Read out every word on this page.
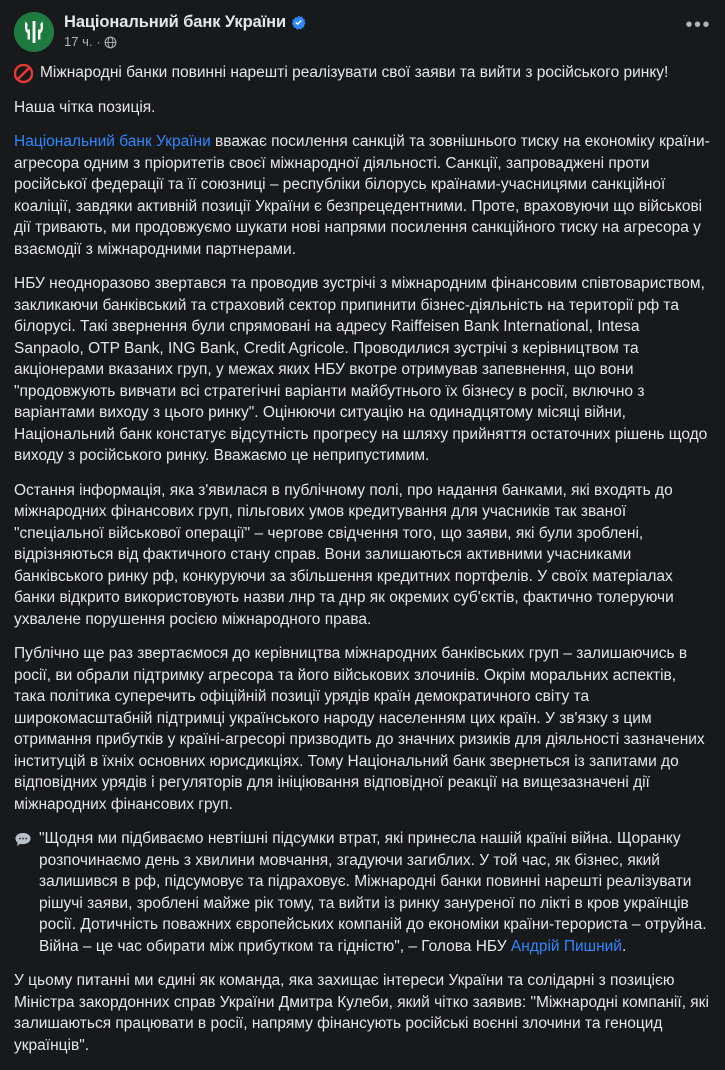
Національний банк України
17 ч. ·
•••
Міжнародні банки повинні нарешті реалізувати свої заяви та вийти з російського ринку!

Наша чітка позиція.

Національний банк України вважає посилення санкцій та зовнішнього тиску на економіку країни-агресора одним з пріоритетів своєї міжнародної діяльності. Санкції, запроваджені проти російської федерації та її союзниці – республіки білорусь країнами-учасницями санкційної коаліції, завдяки активній позиції України є безпрецедентними. Проте, враховуючи що військові дії тривають, ми продовжуємо шукати нові напрями посилення санкційного тиску на агресора у взаємодії з міжнародними партнерами.

НБУ неодноразово звертався та проводив зустрічі з міжнародним фінансовим співтовариством, закликаючи банківський та страховий сектор припинити бізнес-діяльність на території рф та білорусі. Такі звернення були спрямовані на адресу Raiffeisen Bank International, Intesa Sanpaolo, OTP Bank, ING Bank, Credit Agricole. Проводилися зустрічі з керівництвом та акціонерами вказаних груп, у межах яких НБУ вкотре отримував запевнення, що вони "продовжують вивчати всі стратегічні варіанти майбутнього їх бізнесу в росії, включно з варіантами виходу з цього ринку". Оцінюючи ситуацію на одинадцятому місяці війни, Національний банк констатує відсутність прогресу на шляху прийняття остаточних рішень щодо виходу з російського ринку. Вважаємо це неприпустимим.

Остання інформація, яка з'явилася в публічному полі, про надання банками, які входять до міжнародних фінансових груп, пільгових умов кредитування для учасників так званої "спеціальної військової операції" – чергове свідчення того, що заяви, які були зроблені, відрізняються від фактичного стану справ. Вони залишаються активними учасниками банківського ринку рф, конкуруючи за збільшення кредитних портфелів. У своїх матеріалах банки відкрито використовують назви лнр та днр як окремих суб'єктів, фактично толеруючи ухвалене порушення росією міжнародного права.

Публічно ще раз звертаємося до керівництва міжнародних банківських груп – залишаючись в росії, ви обрали підтримку агресора та його військових злочинів. Окрім моральних аспектів, така політика суперечить офіційній позиції урядів країн демократичного світу та широкомасштабній підтримці українського народу населенням цих країн. У зв'язку з цим отримання прибутків у країні-агресорі призводить до значних ризиків для діяльності зазначених інституцій в їхніх основних юрисдикціях. Тому Національний банк звернеться із запитами до відповідних урядів і регуляторів для ініціювання відповідної реакції на вищезазначені дії міжнародних фінансових груп.

"Щодня ми підбиваємо невтішні підсумки втрат, які принесла нашій країні війна. Щоранку розпочинаємо день з хвилини мовчання, згадуючи загиблих. У той час, як бізнес, який залишився в рф, підсумовує та підраховує. Міжнародні банки повинні нарешті реалізувати рішучі заяви, зроблені майже рік тому, та вийти із ринку зануреної по лікті в кров українців росії. Дотичність поважних європейських компаній до економіки країни-терориста – отруйна. Війна – це час обирати між прибутком та гідністю", – Голова НБУ Андрій Пишний.

У цьому питанні ми єдині як команда, яка захищає інтереси України та солідарні з позицією Міністра закордонних справ України Дмитра Кулеби, який чітко заявив: "Міжнародні компанії, які залишаються працювати в росії, напряму фінансують російські воєнні злочини та геноцид українців".
